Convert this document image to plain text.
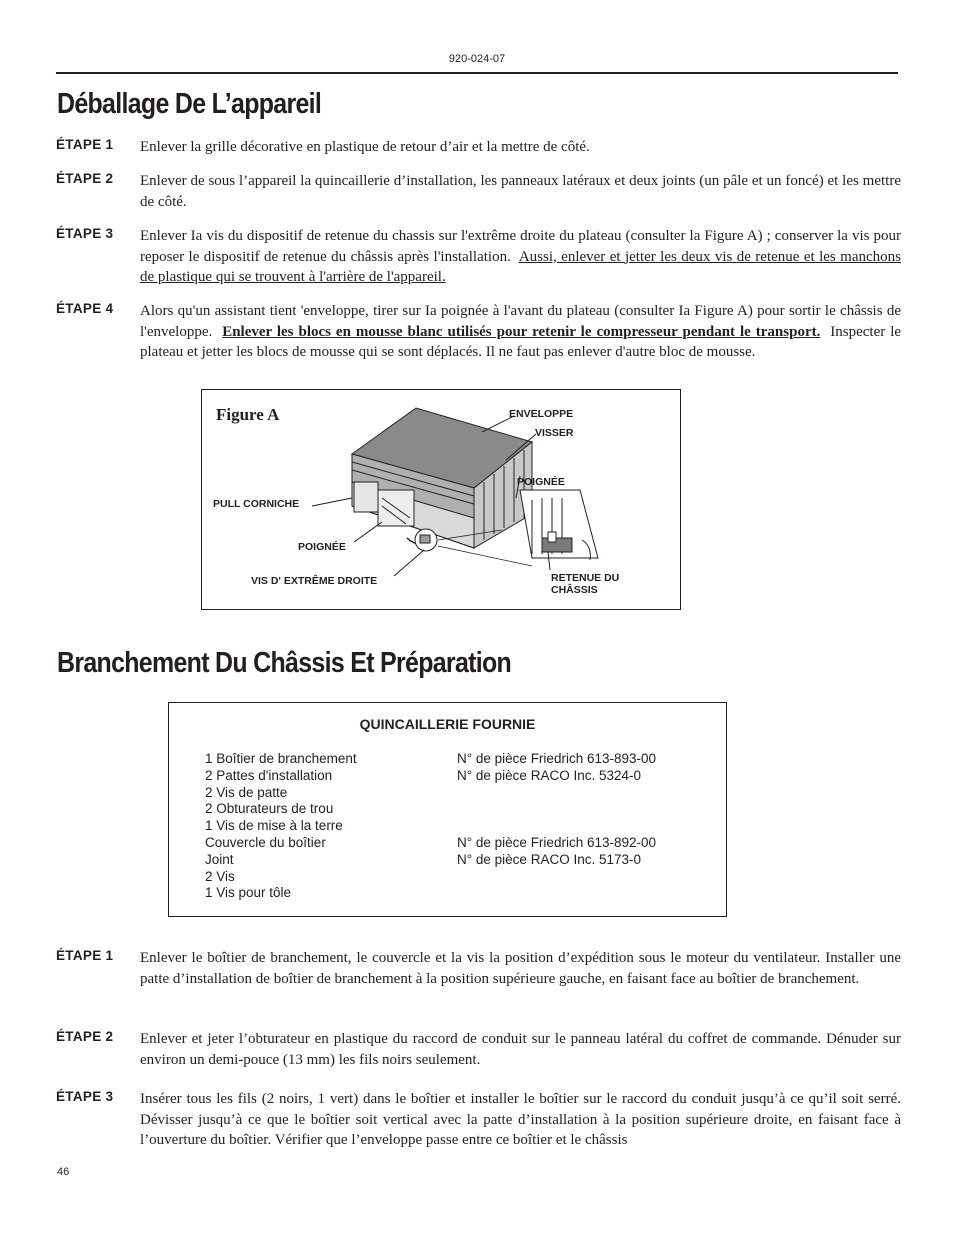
920-024-07
Déballage De L’appareil
ÉTAPE 1 Enlever la grille décorative en plastique de retour d’air et la mettre de côté.
ÉTAPE 2 Enlever de sous l’appareil la quincaillerie d’installation, les panneaux latéraux et deux joints (un pâle et un foncé) et les mettre de côté.
ÉTAPE 3 Enlever Ia vis du dispositif de retenue du chassis sur l'extrême droite du plateau (consulter la Figure A) ; conserver la vis pour reposer le dispositif de retenue du châssis après l'installation. Aussi, enlever et jetter les deux vis de retenue et les manchons de plastique qui se trouvent à l'arrière de l'appareil.
ÉTAPE 4 Alors qu'un assistant tient 'enveloppe, tirer sur Ia poignée à l'avant du plateau (consulter Ia Figure A) pour sortir le châssis de l'enveloppe. Enlever les blocs en mousse blanc utilisés pour retenir le compresseur pendant le transport. Inspecter le plateau et jetter les blocs de mousse qui se sont déplacés. Il ne faut pas enlever d'autre bloc de mousse.
Figure A	ENVELOPPE
VISSER
POIGNÉE
PULL CORNICHE
POIGNÉE
VIS D' EXTRÊME DROITE	RETENUE DU
CHÂSSIS
Branchement Du Châssis Et Préparation
QUINCAILLERIE FOURNIE
1 Boîtier de branchement
2 Pattes d'installation
2 Vis de patte
2 Obturateurs de trou
1 Vis de mise à la terre
Couvercle du boîtier
Joint
2 Vis
1 Vis pour tôle
N° de pièce Friedrich 613-893-00
N° de pièce RACO Inc. 5324-0
N° de pièce Friedrich 613-892-00
N° de pièce RACO Inc. 5173-0
ÉTAPE 1 Enlever le boîtier de branchement, le couvercle et la vis la position d’expédition sous le moteur du ventilateur. Installer une patte d’installation de boîtier de branchement à la position supérieure gauche, en faisant face au boîtier de branchement.
ÉTAPE 2 Enlever et jeter l’obturateur en plastique du raccord de conduit sur le panneau latéral du coffret de commande. Dénuder sur environ un demi-pouce (13 mm) les fils noirs seulement.
ÉTAPE 3 Insérer tous les fils (2 noirs, 1 vert) dans le boîtier et installer le boîtier sur le raccord du conduit jusqu’à ce qu’il soit serré. Dévisser jusqu’à ce que le boîtier soit vertical avec la patte d’installation à la position supérieure droite, en faisant face à l’ouverture du boîtier. Vérifier que l’enveloppe passe entre ce boîtier et le châssis
46
